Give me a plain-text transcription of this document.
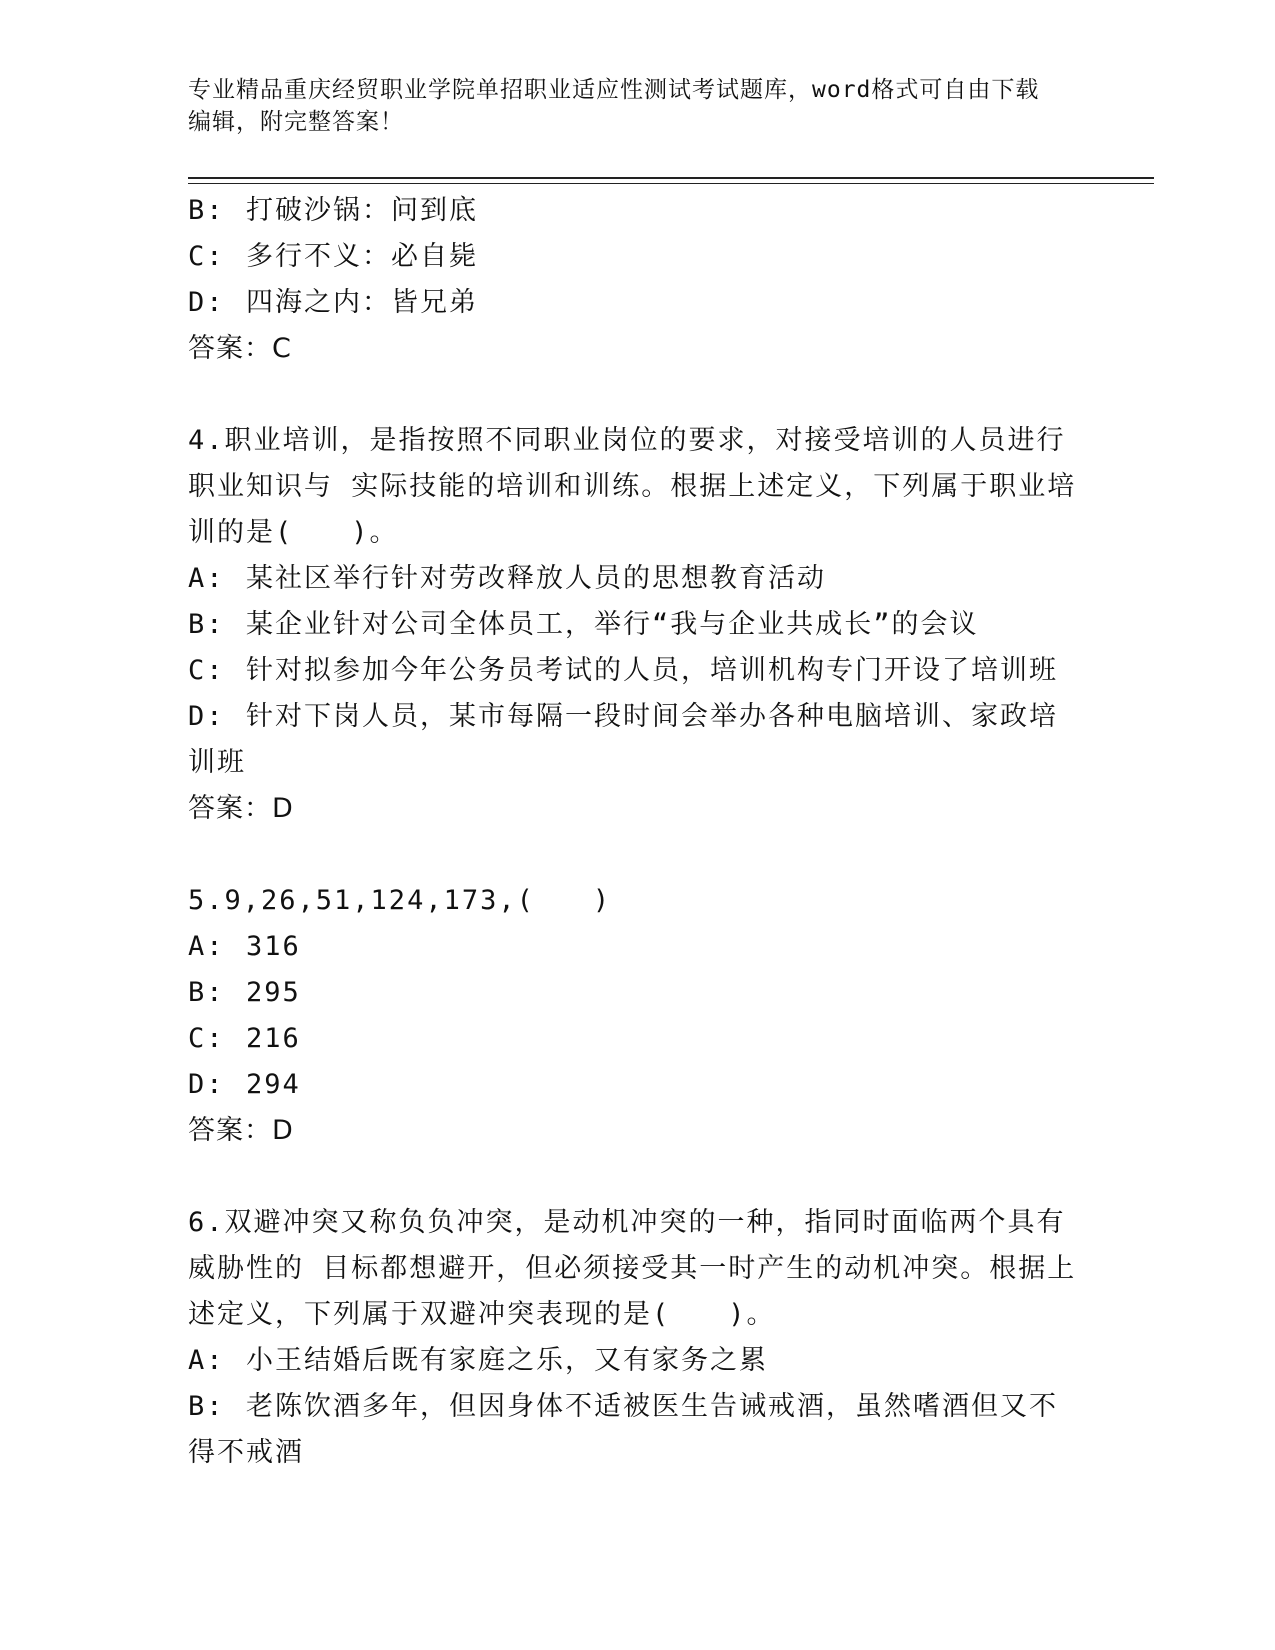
专业精品重庆经贸职业学院单招职业适应性测试考试题库，word格式可自由下载
编辑，附完整答案！
B: 打破沙锅：问到底
C: 多行不义：必自毙
D: 四海之内：皆兄弟
答案：C
4.职业培训，是指按照不同职业岗位的要求，对接受培训的人员进行
职业知识与 实际技能的培训和训练。根据上述定义，下列属于职业培
训的是(　　)。
A: 某社区举行针对劳改释放人员的思想教育活动
B: 某企业针对公司全体员工，举行“我与企业共成长”的会议
C: 针对拟参加今年公务员考试的人员，培训机构专门开设了培训班
D: 针对下岗人员，某市每隔一段时间会举办各种电脑培训、家政培
训班
答案：D
5.9,26,51,124,173,(　　)
A: 316
B: 295
C: 216
D: 294
答案：D
6.双避冲突又称负负冲突，是动机冲突的一种，指同时面临两个具有
威胁性的 目标都想避开，但必须接受其一时产生的动机冲突。根据上
述定义，下列属于双避冲突表现的是(　　)。
A: 小王结婚后既有家庭之乐，又有家务之累
B: 老陈饮酒多年，但因身体不适被医生告诫戒酒，虽然嗜酒但又不
得不戒酒
